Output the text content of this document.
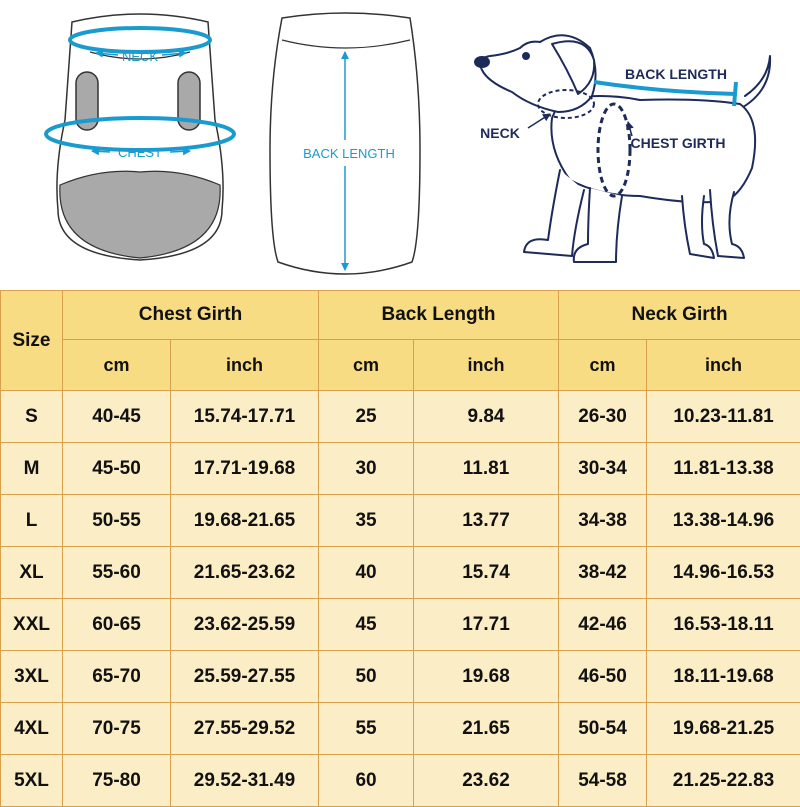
NECK
CHEST	BACK LENGTH
BACK LENGTH
NECK
CHEST GIRTH
Size	Chest Girth		Back Length		Neck Girth	
	cm	inch	cm	inch	cm	inch
S	40-45	15.74-17.71	25	9.84	26-30	10.23-11.81
M	45-50	17.71-19.68	30	11.81	30-34	11.81-13.38
L	50-55	19.68-21.65	35	13.77	34-38	13.38-14.96
XL	55-60	21.65-23.62	40	15.74	38-42	14.96-16.53
XXL	60-65	23.62-25.59	45	17.71	42-46	16.53-18.11
3XL	65-70	25.59-27.55	50	19.68	46-50	18.11-19.68
4XL	70-75	27.55-29.52	55	21.65	50-54	19.68-21.25
5XL	75-80	29.52-31.49	60	23.62	54-58	21.25-22.83
